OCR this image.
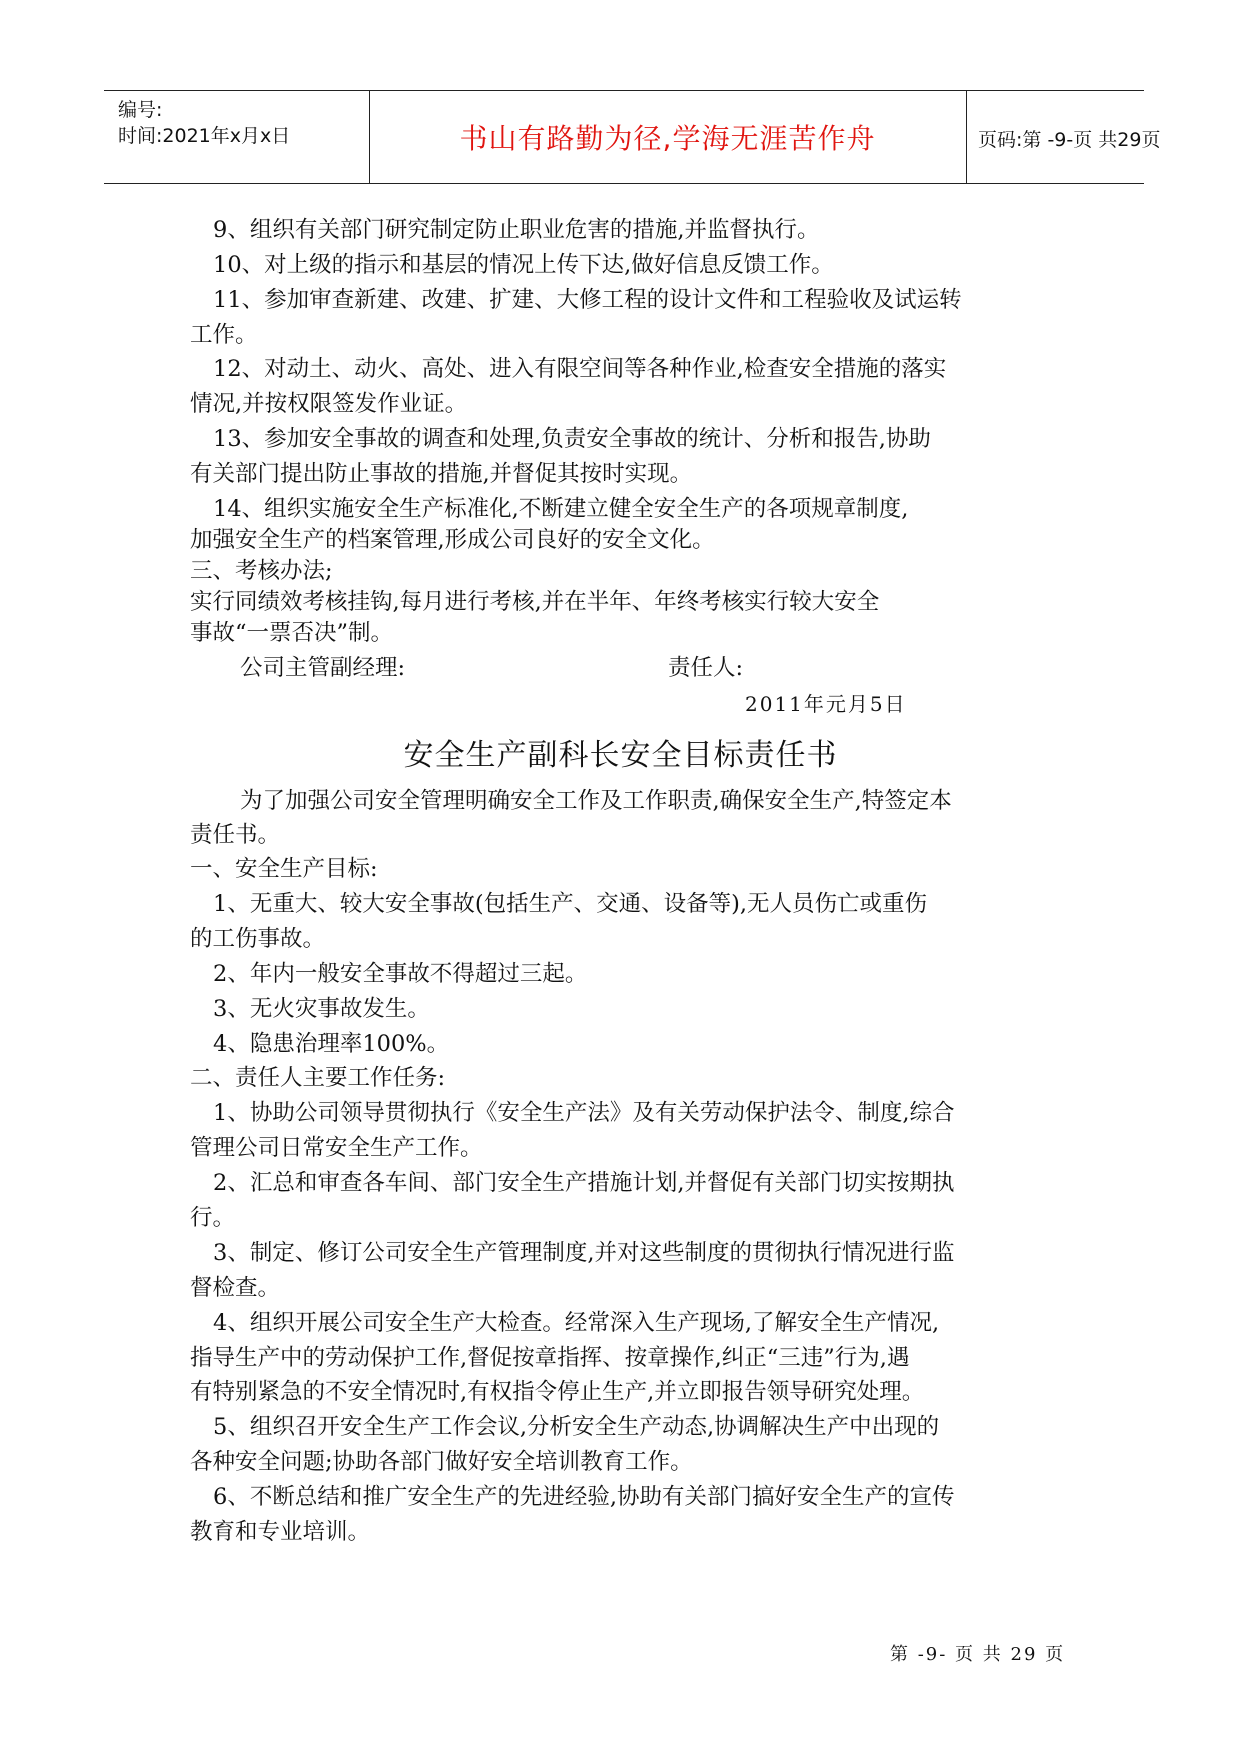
编号:
时间:2021年x月x日	书山有路勤为径,学海无涯苦作舟	页码:第 -9-页 共29页
9、组织有关部门研究制定防止职业危害的措施,并监督执行。
10、对上级的指示和基层的情况上传下达,做好信息反馈工作。
11、参加审查新建、改建、扩建、大修工程的设计文件和工程验收及试运转
工作。
12、对动土、动火、高处、进入有限空间等各种作业,检查安全措施的落实
情况,并按权限签发作业证。
13、参加安全事故的调查和处理,负责安全事故的统计、分析和报告,协助
有关部门提出防止事故的措施,并督促其按时实现。
14、组织实施安全生产标准化,不断建立健全安全生产的各项规章制度,
加强安全生产的档案管理,形成公司良好的安全文化。
三、考核办法;
实行同绩效考核挂钩,每月进行考核,并在半年、年终考核实行较大安全
事故“一票否决”制。
公司主管副经理:	责任人:
2011年元月5日
安全生产副科长安全目标责任书
为了加强公司安全管理明确安全工作及工作职责,确保安全生产,特签定本
责任书。
一、安全生产目标:
1、无重大、较大安全事故(包括生产、交通、设备等),无人员伤亡或重伤
的工伤事故。
2、年内一般安全事故不得超过三起。
3、无火灾事故发生。
4、隐患治理率100%。
二、责任人主要工作任务:
1、协助公司领导贯彻执行《安全生产法》及有关劳动保护法令、制度,综合
管理公司日常安全生产工作。
2、汇总和审查各车间、部门安全生产措施计划,并督促有关部门切实按期执
行。
3、制定、修订公司安全生产管理制度,并对这些制度的贯彻执行情况进行监
督检查。
4、组织开展公司安全生产大检查。经常深入生产现场,了解安全生产情况,
指导生产中的劳动保护工作,督促按章指挥、按章操作,纠正“三违”行为,遇
有特别紧急的不安全情况时,有权指令停止生产,并立即报告领导研究处理。
5、组织召开安全生产工作会议,分析安全生产动态,协调解决生产中出现的
各种安全问题;协助各部门做好安全培训教育工作。
6、不断总结和推广安全生产的先进经验,协助有关部门搞好安全生产的宣传
教育和专业培训。
第 -9- 页 共 29 页
